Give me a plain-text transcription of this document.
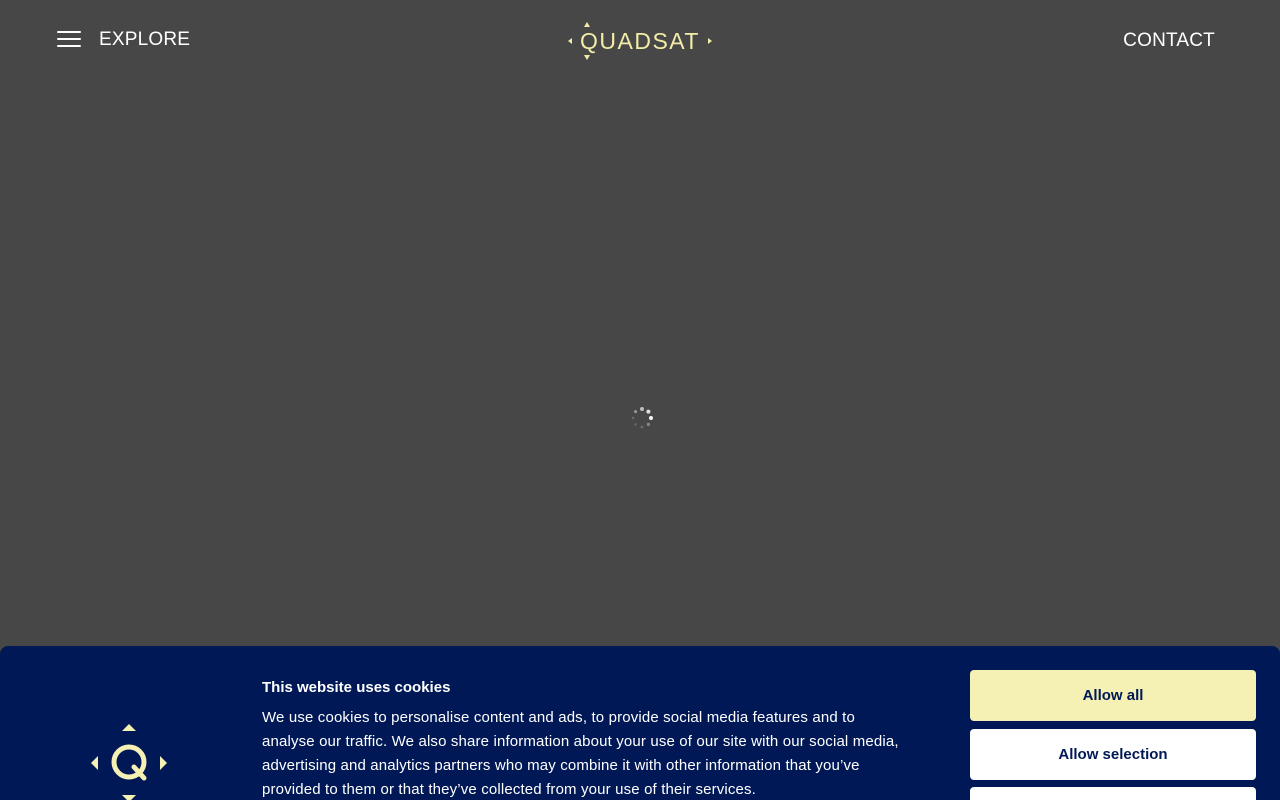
EXPLORE	QUADSAT	CONTACT
This website uses cookies
We use cookies to personalise content and ads, to provide social media features and to analyse our traffic. We also share information about your use of our site with our social media, advertising and analytics partners who may combine it with other information that you’ve provided to them or that they’ve collected from your use of their services.
Allow all
Allow selection
